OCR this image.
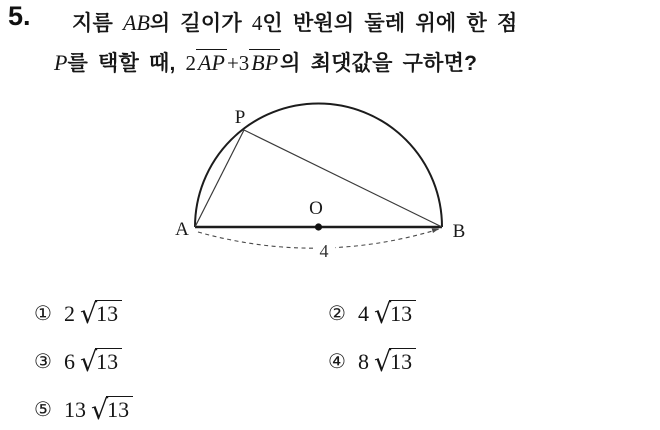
5. 지름 AB의 길이가 4인 반원의 둘레 위에 한 점
P를 택할 때, 2AP+3BP의 최댓값을 구하면?
P
A	B
O
4
① 2 √13	② 4 √13
③ 6 √13	④ 8 √13
⑤ 13 √13
